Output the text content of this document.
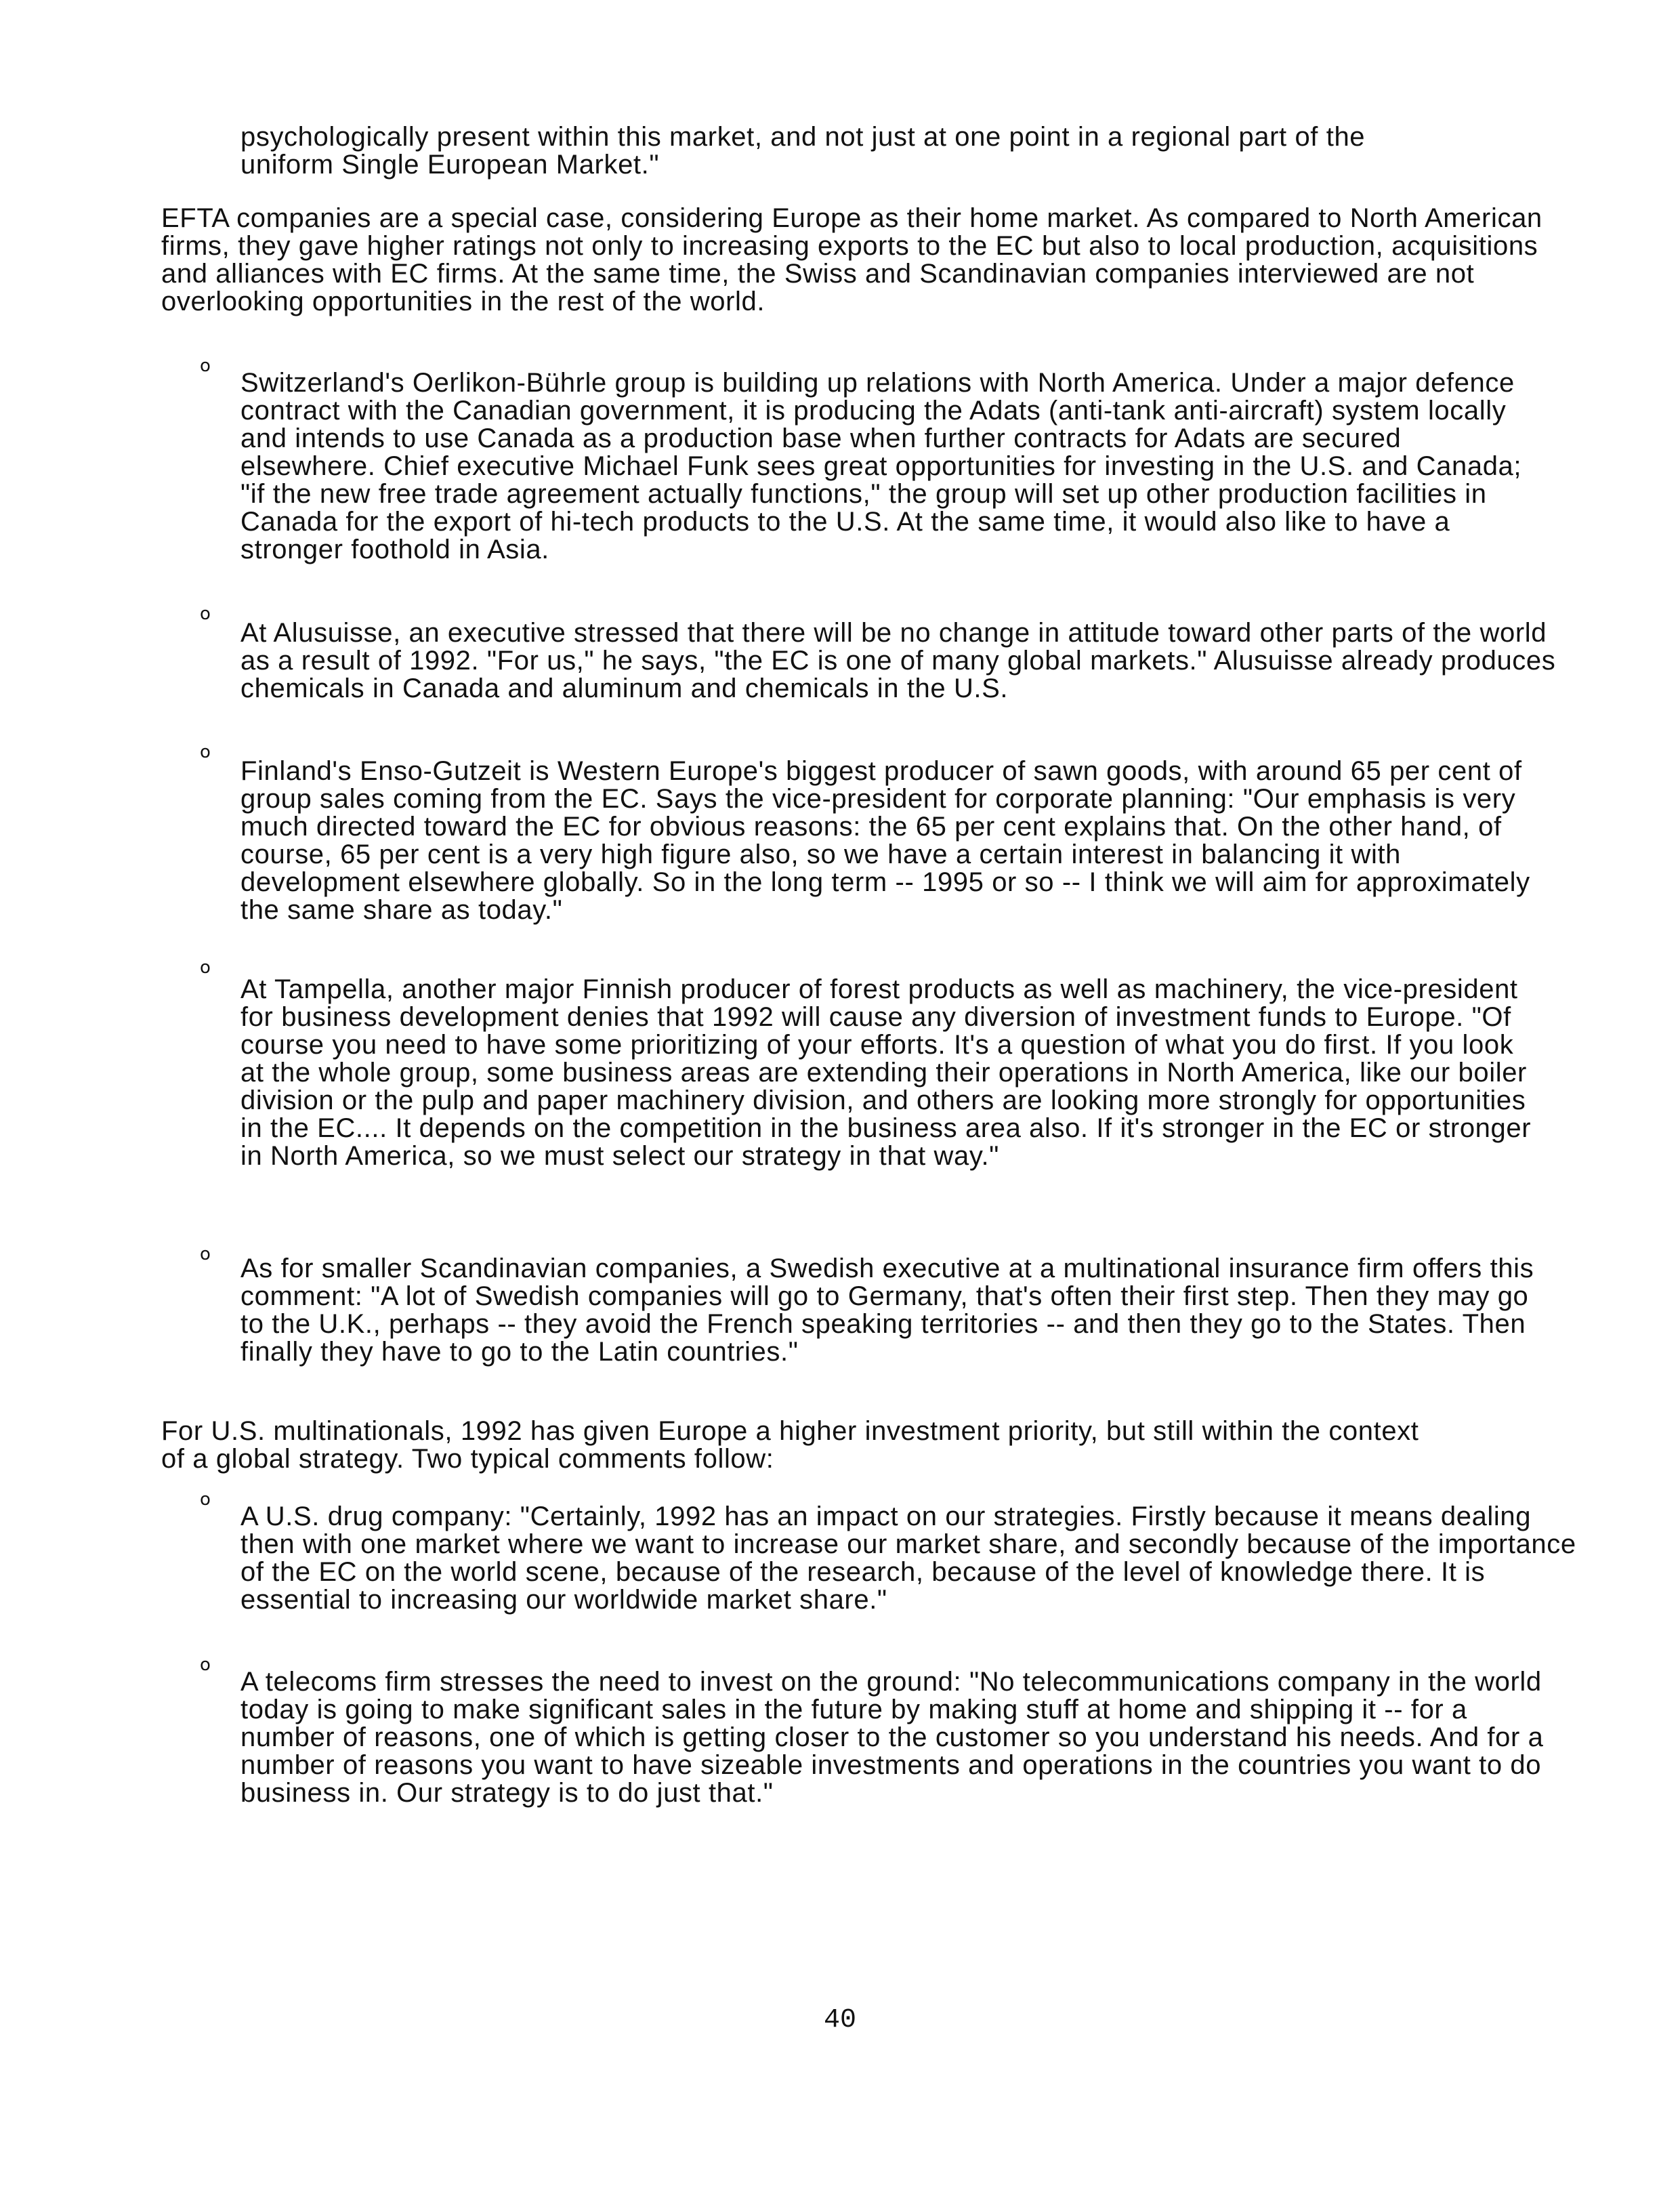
psychologically present within this market, and not just at one point in a regional part of the uniform Single European Market."

EFTA companies are a special case, considering Europe as their home market. As compared to North American firms, they gave higher ratings not only to increasing exports to the EC but also to local production, acquisitions and alliances with EC firms. At the same time, the Swiss and Scandinavian companies interviewed are not overlooking opportunities in the rest of the world.

o

Switzerland's Oerlikon-Bührle group is building up relations with North America. Under a major defence contract with the Canadian government, it is producing the Adats (anti-tank anti-aircraft) system locally and intends to use Canada as a production base when further contracts for Adats are secured elsewhere. Chief executive Michael Funk sees great opportunities for investing in the U.S. and Canada; "if the new free trade agreement actually functions," the group will set up other production facilities in Canada for the export of hi-tech products to the U.S. At the same time, it would also like to have a stronger foothold in Asia.

o

At Alusuisse, an executive stressed that there will be no change in attitude toward other parts of the world as a result of 1992. "For us," he says, "the EC is one of many global markets." Alusuisse already produces chemicals in Canada and aluminum and chemicals in the U.S.

o

Finland's Enso-Gutzeit is Western Europe's biggest producer of sawn goods, with around 65 per cent of group sales coming from the EC. Says the vice-president for corporate planning: "Our emphasis is very much directed toward the EC for obvious reasons: the 65 per cent explains that. On the other hand, of course, 65 per cent is a very high figure also, so we have a certain interest in balancing it with development elsewhere globally. So in the long term -- 1995 or so -- I think we will aim for approximately the same share as today."

o

At Tampella, another major Finnish producer of forest products as well as machinery, the vice-president for business development denies that 1992 will cause any diversion of investment funds to Europe. "Of course you need to have some prioritizing of your efforts. It's a question of what you do first. If you look at the whole group, some business areas are extending their operations in North America, like our boiler division or the pulp and paper machinery division, and others are looking more strongly for opportunities in the EC.... It depends on the competition in the business area also. If it's stronger in the EC or stronger in North America, so we must select our strategy in that way."

o As for smaller Scandinavian companies, a Swedish executive at a multinational insurance firm offers this comment: "A lot of Swedish companies will go to Germany, that's often their first step. Then they may go to the U.K., perhaps -- they avoid the French speaking territories -- and then they go to the States. Then finally they have to go to the Latin countries."

For U.S. multinationals, 1992 has given Europe a higher investment priority, but still within the context of a global strategy. Two typical comments follow:

o

A U.S. drug company: "Certainly, 1992 has an impact on our strategies. Firstly because it means dealing then with one market where we want to increase our market share, and secondly because of the importance of the EC on the world scene, because of the research, because of the level of knowledge there. It is essential to increasing our worldwide market share."

o

A telecoms firm stresses the need to invest on the ground: "No telecommunications company in the world today is going to make significant sales in the future by making stuff at home and shipping it -- for a number of reasons, one of which is getting closer to the customer so you understand his needs. And for a number of reasons you want to have sizeable investments and operations in the countries you want to do business in. Our strategy is to do just that."

40
